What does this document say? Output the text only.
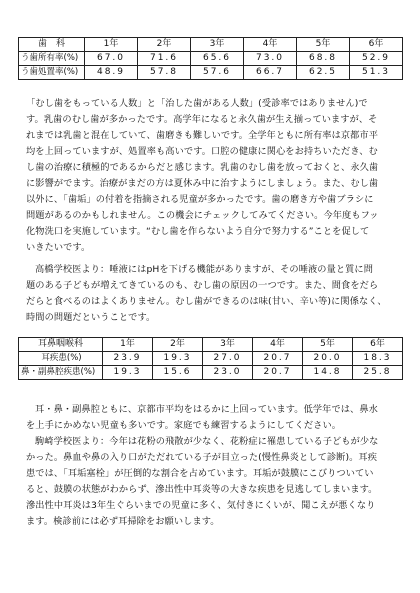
歯　科	1年	2年	3年	4年	5年	6年
う歯所有率(%)	67.0	71.6	65.6	73.0	68.8	52.9
う歯処置率(%)	48.9	57.8	57.6	66.7	62.5	51.3
「むし歯をもっている人数」と「治した歯がある人数」(受診率ではありません)で
す。乳歯のむし歯が多かったです。高学年になると永久歯が生え揃っていますが、そ
れまでは乳歯と混在していて、歯磨きも難しいです。全学年ともに所有率は京都市平
均を上回っていますが、処置率も高いです。口腔の健康に関心をお持ちいただき、む
し歯の治療に積極的であるからだと感じます。乳歯のむし歯を放っておくと、永久歯
に影響がでます。治療がまだの方は夏休み中に治すようにしましょう。また、むし歯
以外に、「歯垢」の付着を指摘される児童が多かったです。歯の磨き方や歯ブラシに
問題があるのかもしれません。この機会にチェックしてみてください。今年度もフッ
化物洗口を実施しています。“むし歯を作らないよう自分で努力する”ことを促して
いきたいです。
高橋学校医より：唾液にはpHを下げる機能がありますが、その唾液の量と質に問
題のある子どもが増えてきているのも、むし歯の原因の一つです。また、間食をだら
だらと食べるのはよくありません。むし歯ができるのは味(甘い、辛い等)に関係なく、
時間の問題だということです。
耳鼻咽喉科	1年	2年	3年	4年	5年	6年
耳疾患(%)	23.9	19.3	27.0	20.7	20.0	18.3
鼻・副鼻腔疾患(%)	19.3	15.6	23.0	20.7	14.8	25.8
耳・鼻・副鼻腔ともに、京都市平均をはるかに上回っています。低学年では、鼻水
を上手にかめない児童も多いです。家庭でも練習するようにしてください。
駒崎学校医より：今年は花粉の飛散が少なく、花粉症に罹患している子どもが少な
かった。鼻血や鼻の入り口がただれている子が目立った(慢性鼻炎として診断)。耳疾
患では、「耳垢塞栓」が圧倒的な割合を占めています。耳垢が鼓膜にこびりついてい
ると、鼓膜の状態がわからず、滲出性中耳炎等の大きな疾患を見逃してしまいます。
滲出性中耳炎は3年生ぐらいまでの児童に多く、気付きにくいが、聞こえが悪くなり
ます。検診前には必ず耳掃除をお願いします。
